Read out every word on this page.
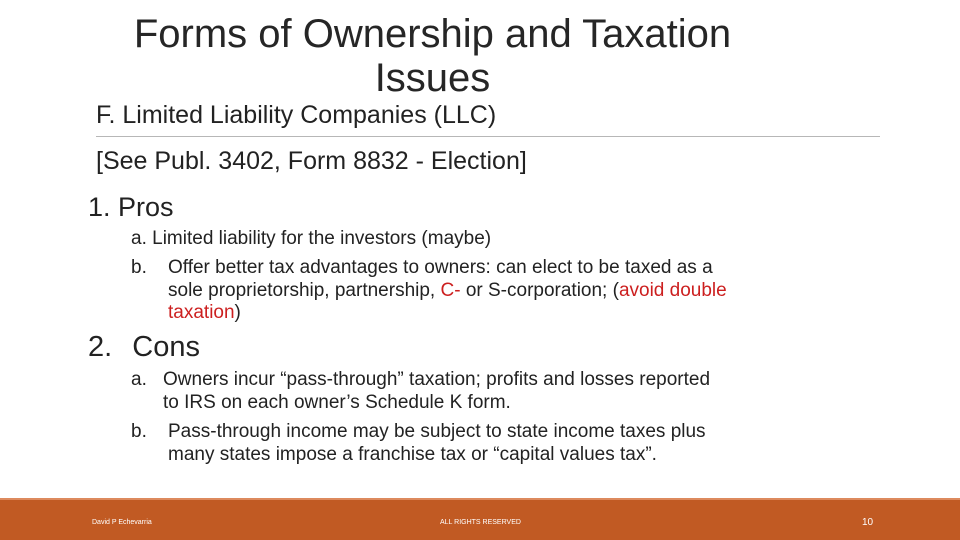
Forms of Ownership and Taxation
Issues
F. Limited Liability Companies (LLC)
[See Publ. 3402, Form 8832 - Election]
1. Pros
a. Limited liability for the investors (maybe)
b. Offer better tax advantages to owners: can elect to be taxed as a
sole proprietorship, partnership, C- or S-corporation; (avoid double
taxation)
2. Cons
a. Owners incur “pass-through” taxation; profits and losses reported
to IRS on each owner’s Schedule K form.
b. Pass-through income may be subject to state income taxes plus
many states impose a franchise tax or “capital values tax”.
David P Echevarria	ALL RIGHTS RESERVED	10
